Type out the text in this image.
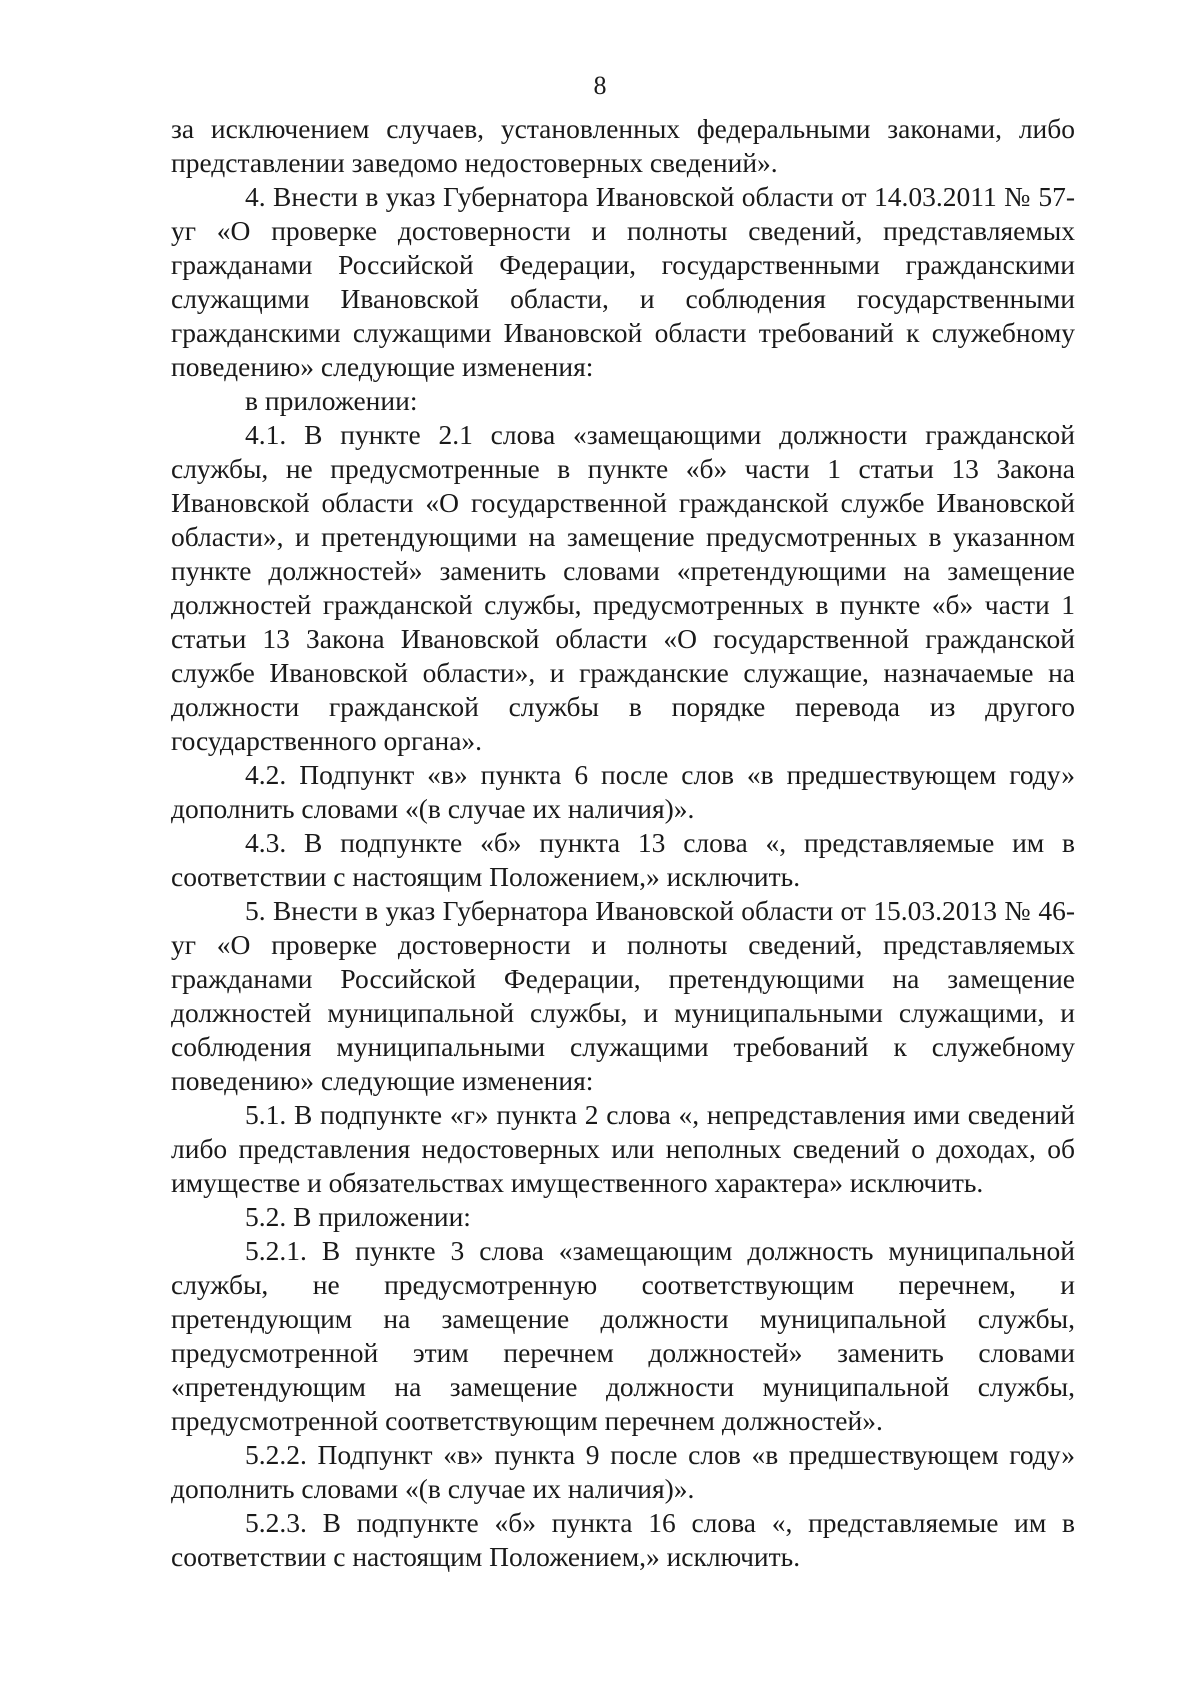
8

за исключением случаев, установленных федеральными законами, либо представлении заведомо недостоверных сведений».

4. Внести в указ Губернатора Ивановской области от 14.03.2011 № 57-уг «О проверке достоверности и полноты сведений, представляемых гражданами Российской Федерации, государственными гражданскими служащими Ивановской области, и соблюдения государственными гражданскими служащими Ивановской области требований к служебному поведению» следующие изменения:

в приложении:

4.1. В пункте 2.1 слова «замещающими должности гражданской службы, не предусмотренные в пункте «б» части 1 статьи 13 Закона Ивановской области «О государственной гражданской службе Ивановской области», и претендующими на замещение предусмотренных в указанном пункте должностей» заменить словами «претендующими на замещение должностей гражданской службы, предусмотренных в пункте «б» части 1 статьи 13 Закона Ивановской области «О государственной гражданской службе Ивановской области», и гражданские служащие, назначаемые на должности гражданской службы в порядке перевода из другого государственного органа».

4.2. Подпункт «в» пункта 6 после слов «в предшествующем году» дополнить словами «(в случае их наличия)».

4.3. В подпункте «б» пункта 13 слова «, представляемые им в соответствии с настоящим Положением,» исключить.

5. Внести в указ Губернатора Ивановской области от 15.03.2013 № 46-уг «О проверке достоверности и полноты сведений, представляемых гражданами Российской Федерации, претендующими на замещение должностей муниципальной службы, и муниципальными служащими, и соблюдения муниципальными служащими требований к служебному поведению» следующие изменения:

5.1. В подпункте «г» пункта 2 слова «, непредставления ими сведений либо представления недостоверных или неполных сведений о доходах, об имуществе и обязательствах имущественного характера» исключить.

5.2. В приложении:

5.2.1. В пункте 3 слова «замещающим должность муниципальной службы, не предусмотренную соответствующим перечнем, и претендующим на замещение должности муниципальной службы, предусмотренной этим перечнем должностей» заменить словами «претендующим на замещение должности муниципальной службы, предусмотренной соответствующим перечнем должностей».

5.2.2. Подпункт «в» пункта 9 после слов «в предшествующем году» дополнить словами «(в случае их наличия)».

5.2.3. В подпункте «б» пункта 16 слова «, представляемые им в соответствии с настоящим Положением,» исключить.
